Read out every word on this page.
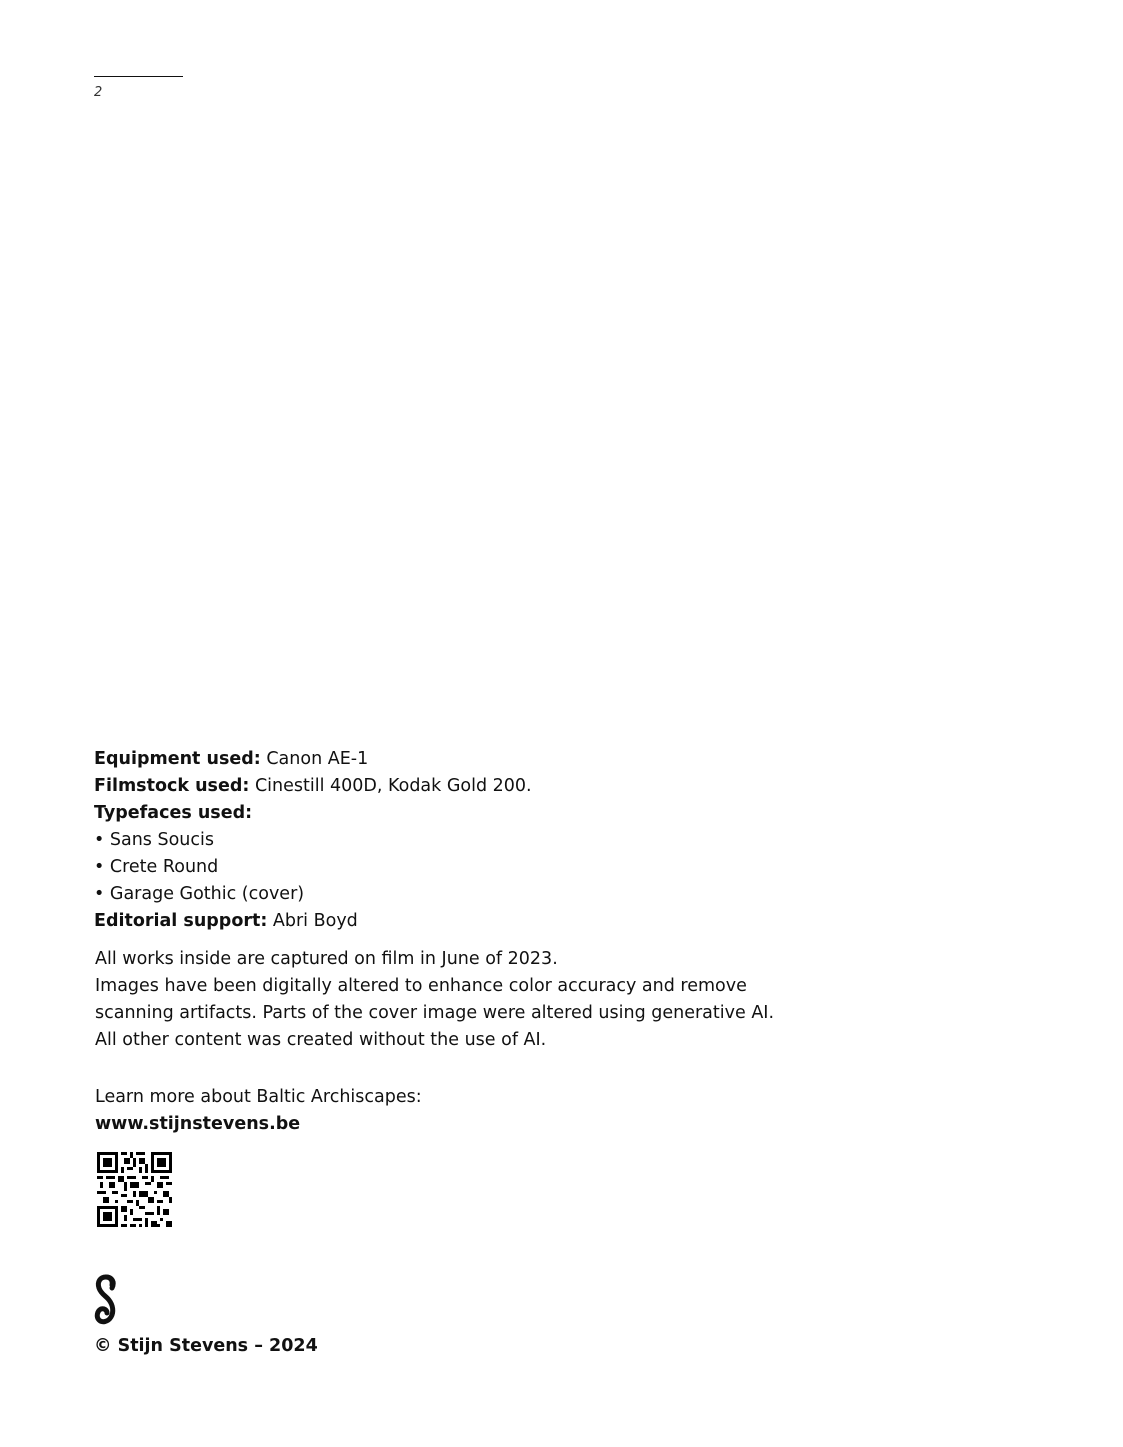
2
Equipment used: Canon AE-1
Filmstock used: Cinestill 400D, Kodak Gold 200.
Typefaces used:
• Sans Soucis
• Crete Round
• Garage Gothic (cover)
Editorial support: Abri Boyd
All works inside are captured on film in June of 2023.
Images have been digitally altered to enhance color accuracy and remove
scanning artifacts. Parts of the cover image were altered using generative AI.
All other content was created without the use of AI.
Learn more about Baltic Archiscapes:
www.stijnstevens.be
© Stijn Stevens – 2024
